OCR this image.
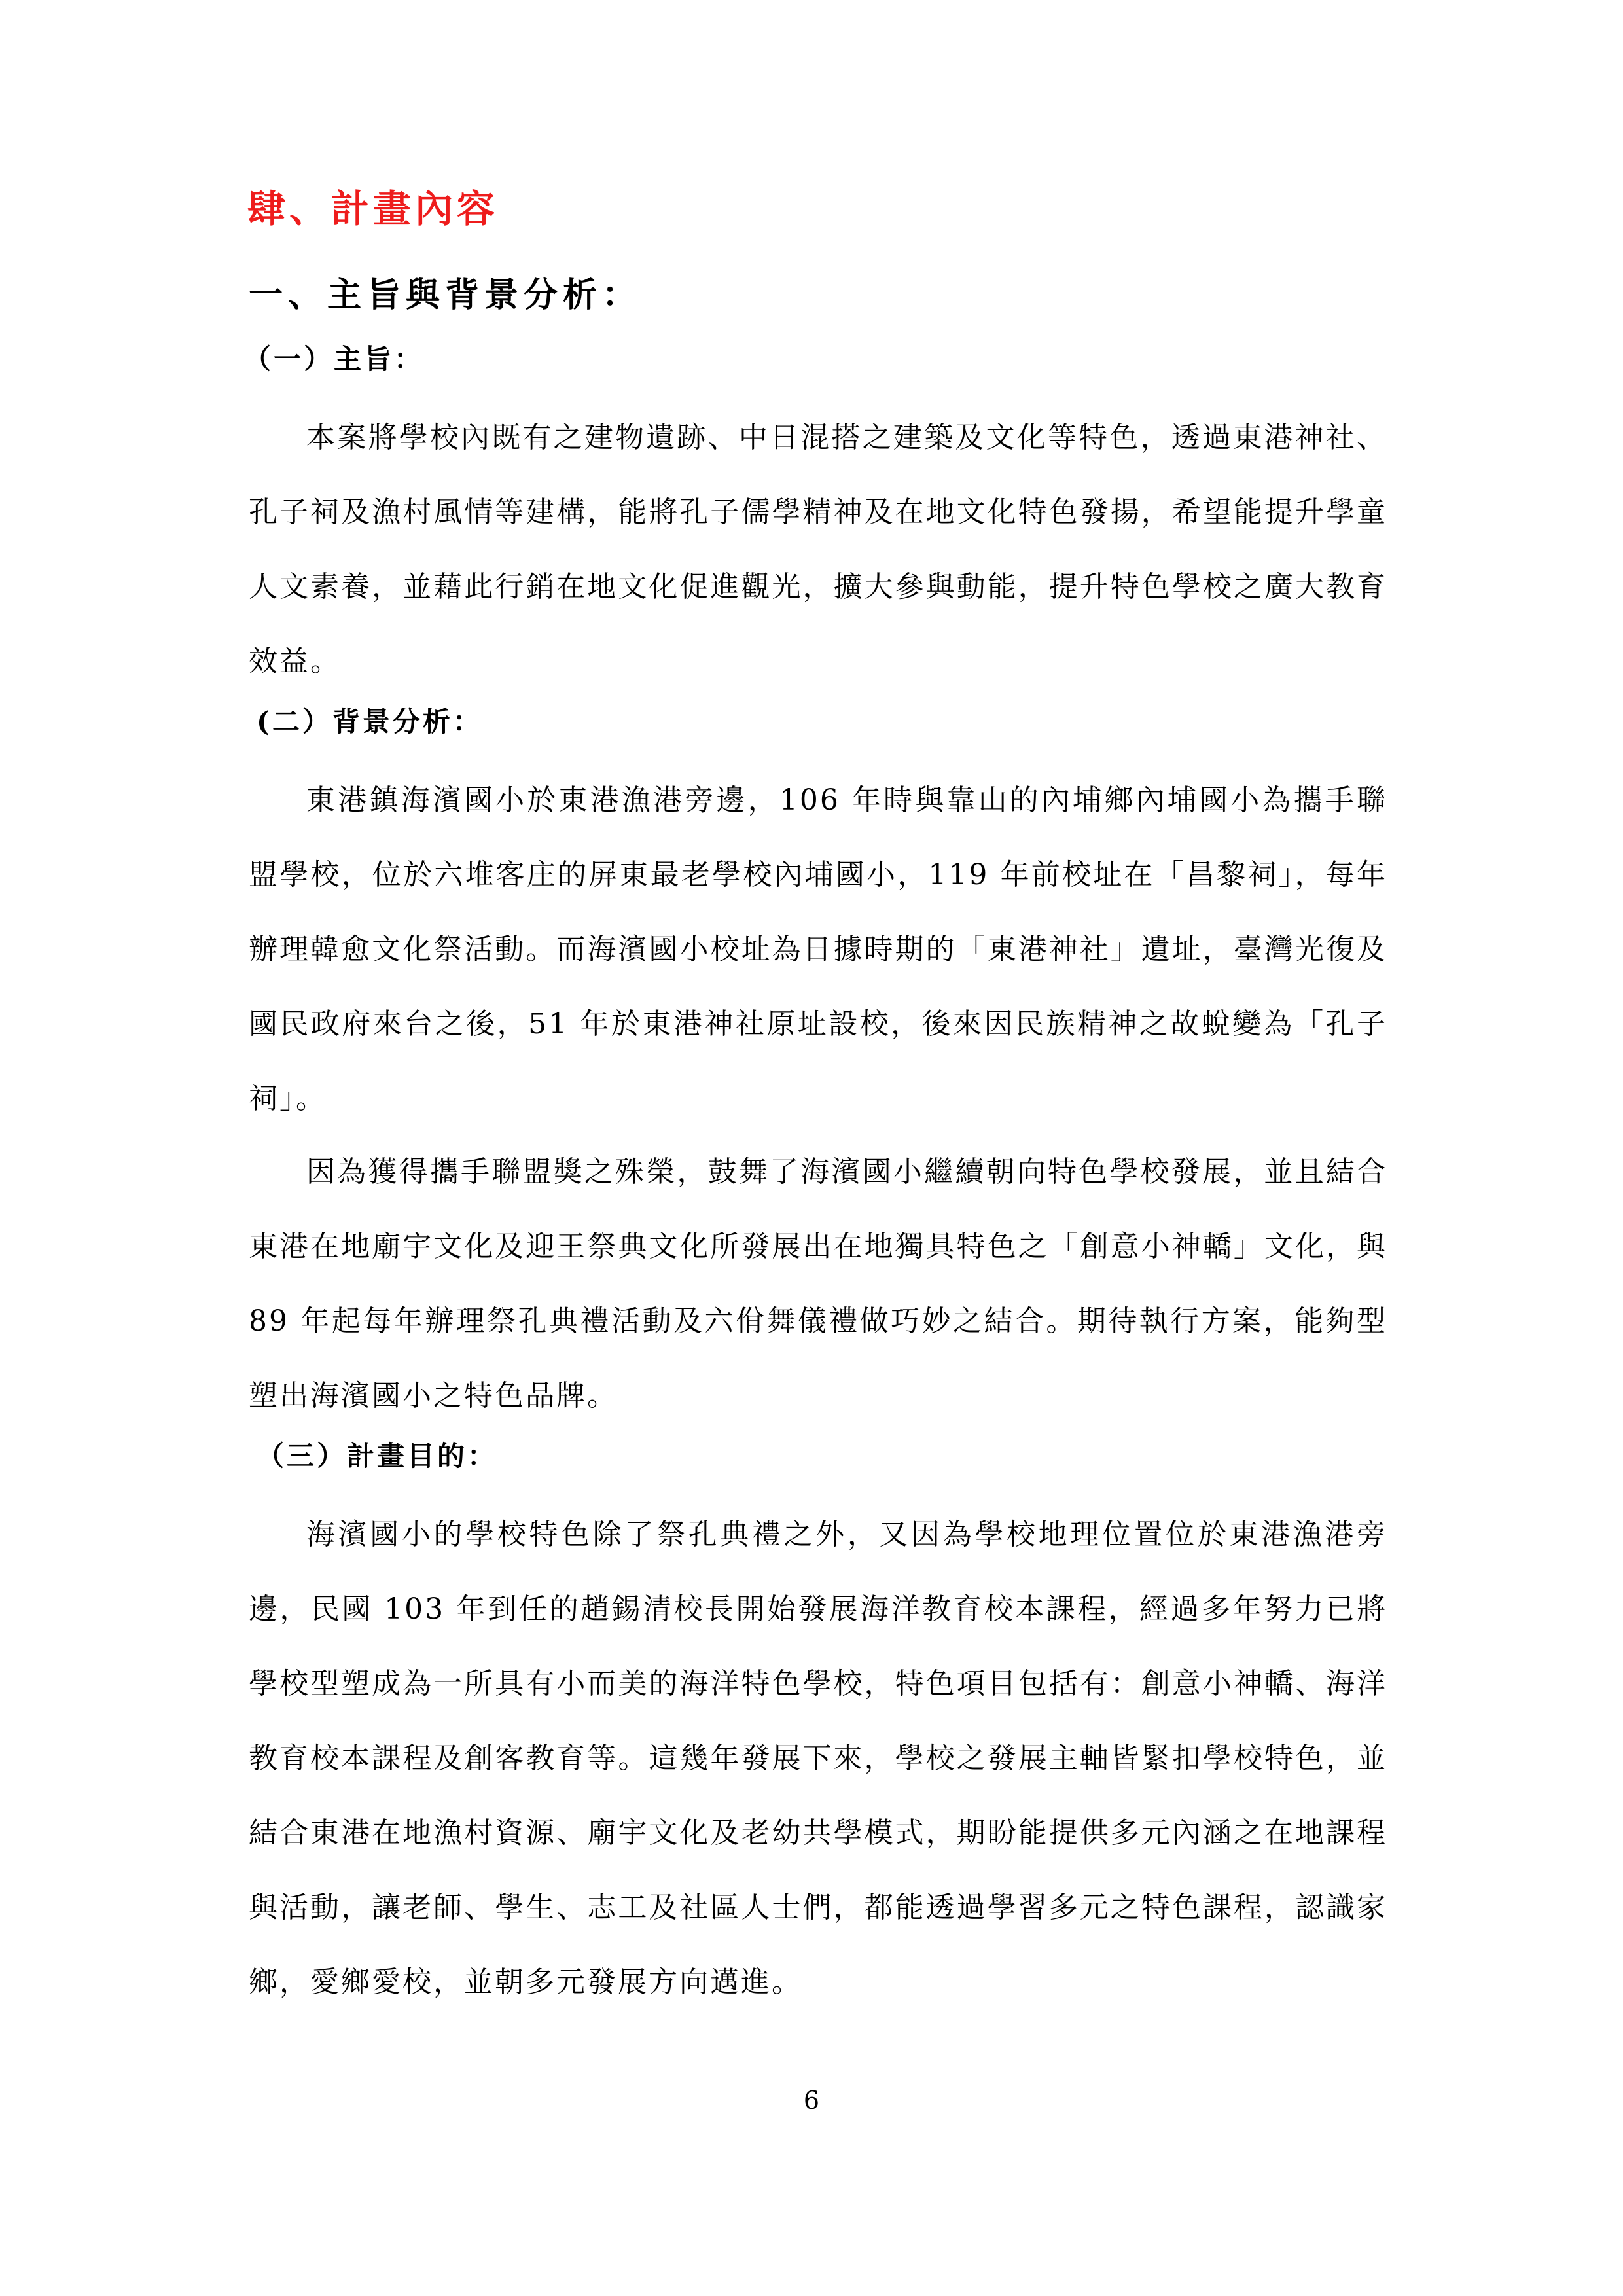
肆、計畫內容
一、主旨與背景分析：
（一）主旨：

本案將學校內既有之建物遺跡、中日混搭之建築及文化等特色，透過東港神社、孔子祠及漁村風情等建構，能將孔子儒學精神及在地文化特色發揚，希望能提升學童人文素養，並藉此行銷在地文化促進觀光，擴大參與動能，提升特色學校之廣大教育效益。

(二）背景分析：

東港鎮海濱國小於東港漁港旁邊，106 年時與靠山的內埔鄉內埔國小為攜手聯盟學校，位於六堆客庄的屏東最老學校內埔國小，119 年前校址在「昌黎祠」，每年辦理韓愈文化祭活動。而海濱國小校址為日據時期的「東港神社」遺址，臺灣光復及國民政府來台之後，51 年於東港神社原址設校，後來因民族精神之故蛻變為「孔子祠」。

因為獲得攜手聯盟獎之殊榮，鼓舞了海濱國小繼續朝向特色學校發展，並且結合東港在地廟宇文化及迎王祭典文化所發展出在地獨具特色之「創意小神轎」文化，與 89 年起每年辦理祭孔典禮活動及六佾舞儀禮做巧妙之結合。期待執行方案，能夠型塑出海濱國小之特色品牌。

（三）計畫目的：

海濱國小的學校特色除了祭孔典禮之外，又因為學校地理位置位於東港漁港旁邊，民國 103 年到任的趙錫清校長開始發展海洋教育校本課程，經過多年努力已將學校型塑成為一所具有小而美的海洋特色學校，特色項目包括有：創意小神轎、海洋教育校本課程及創客教育等。這幾年發展下來，學校之發展主軸皆緊扣學校特色，並結合東港在地漁村資源、廟宇文化及老幼共學模式，期盼能提供多元內涵之在地課程與活動，讓老師、學生、志工及社區人士們，都能透過學習多元之特色課程，認識家鄉，愛鄉愛校，並朝多元發展方向邁進。

6
